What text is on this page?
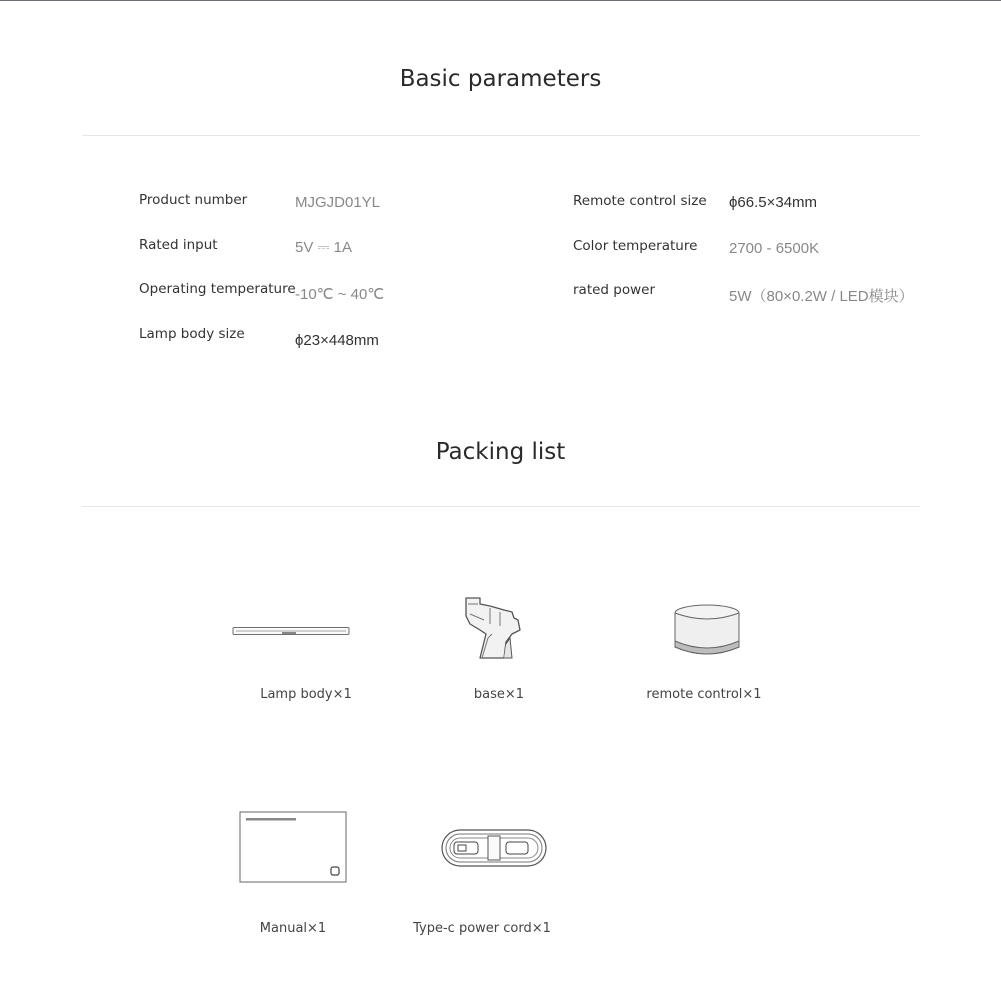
Basic parameters
Product number	MJGJD01YL
Rated input	5V ⎓ 1A
Operating temperature -10℃ ~ 40℃
Lamp body size	ϕ23×448mm
Remote control size ϕ66.5×34mm
Color temperature 2700 - 6500K
rated power	5W（80×0.2W / LED模块）
Packing list
Lamp body×1	base×1	remote control×1
Manual×1	Type-c power cord×1
